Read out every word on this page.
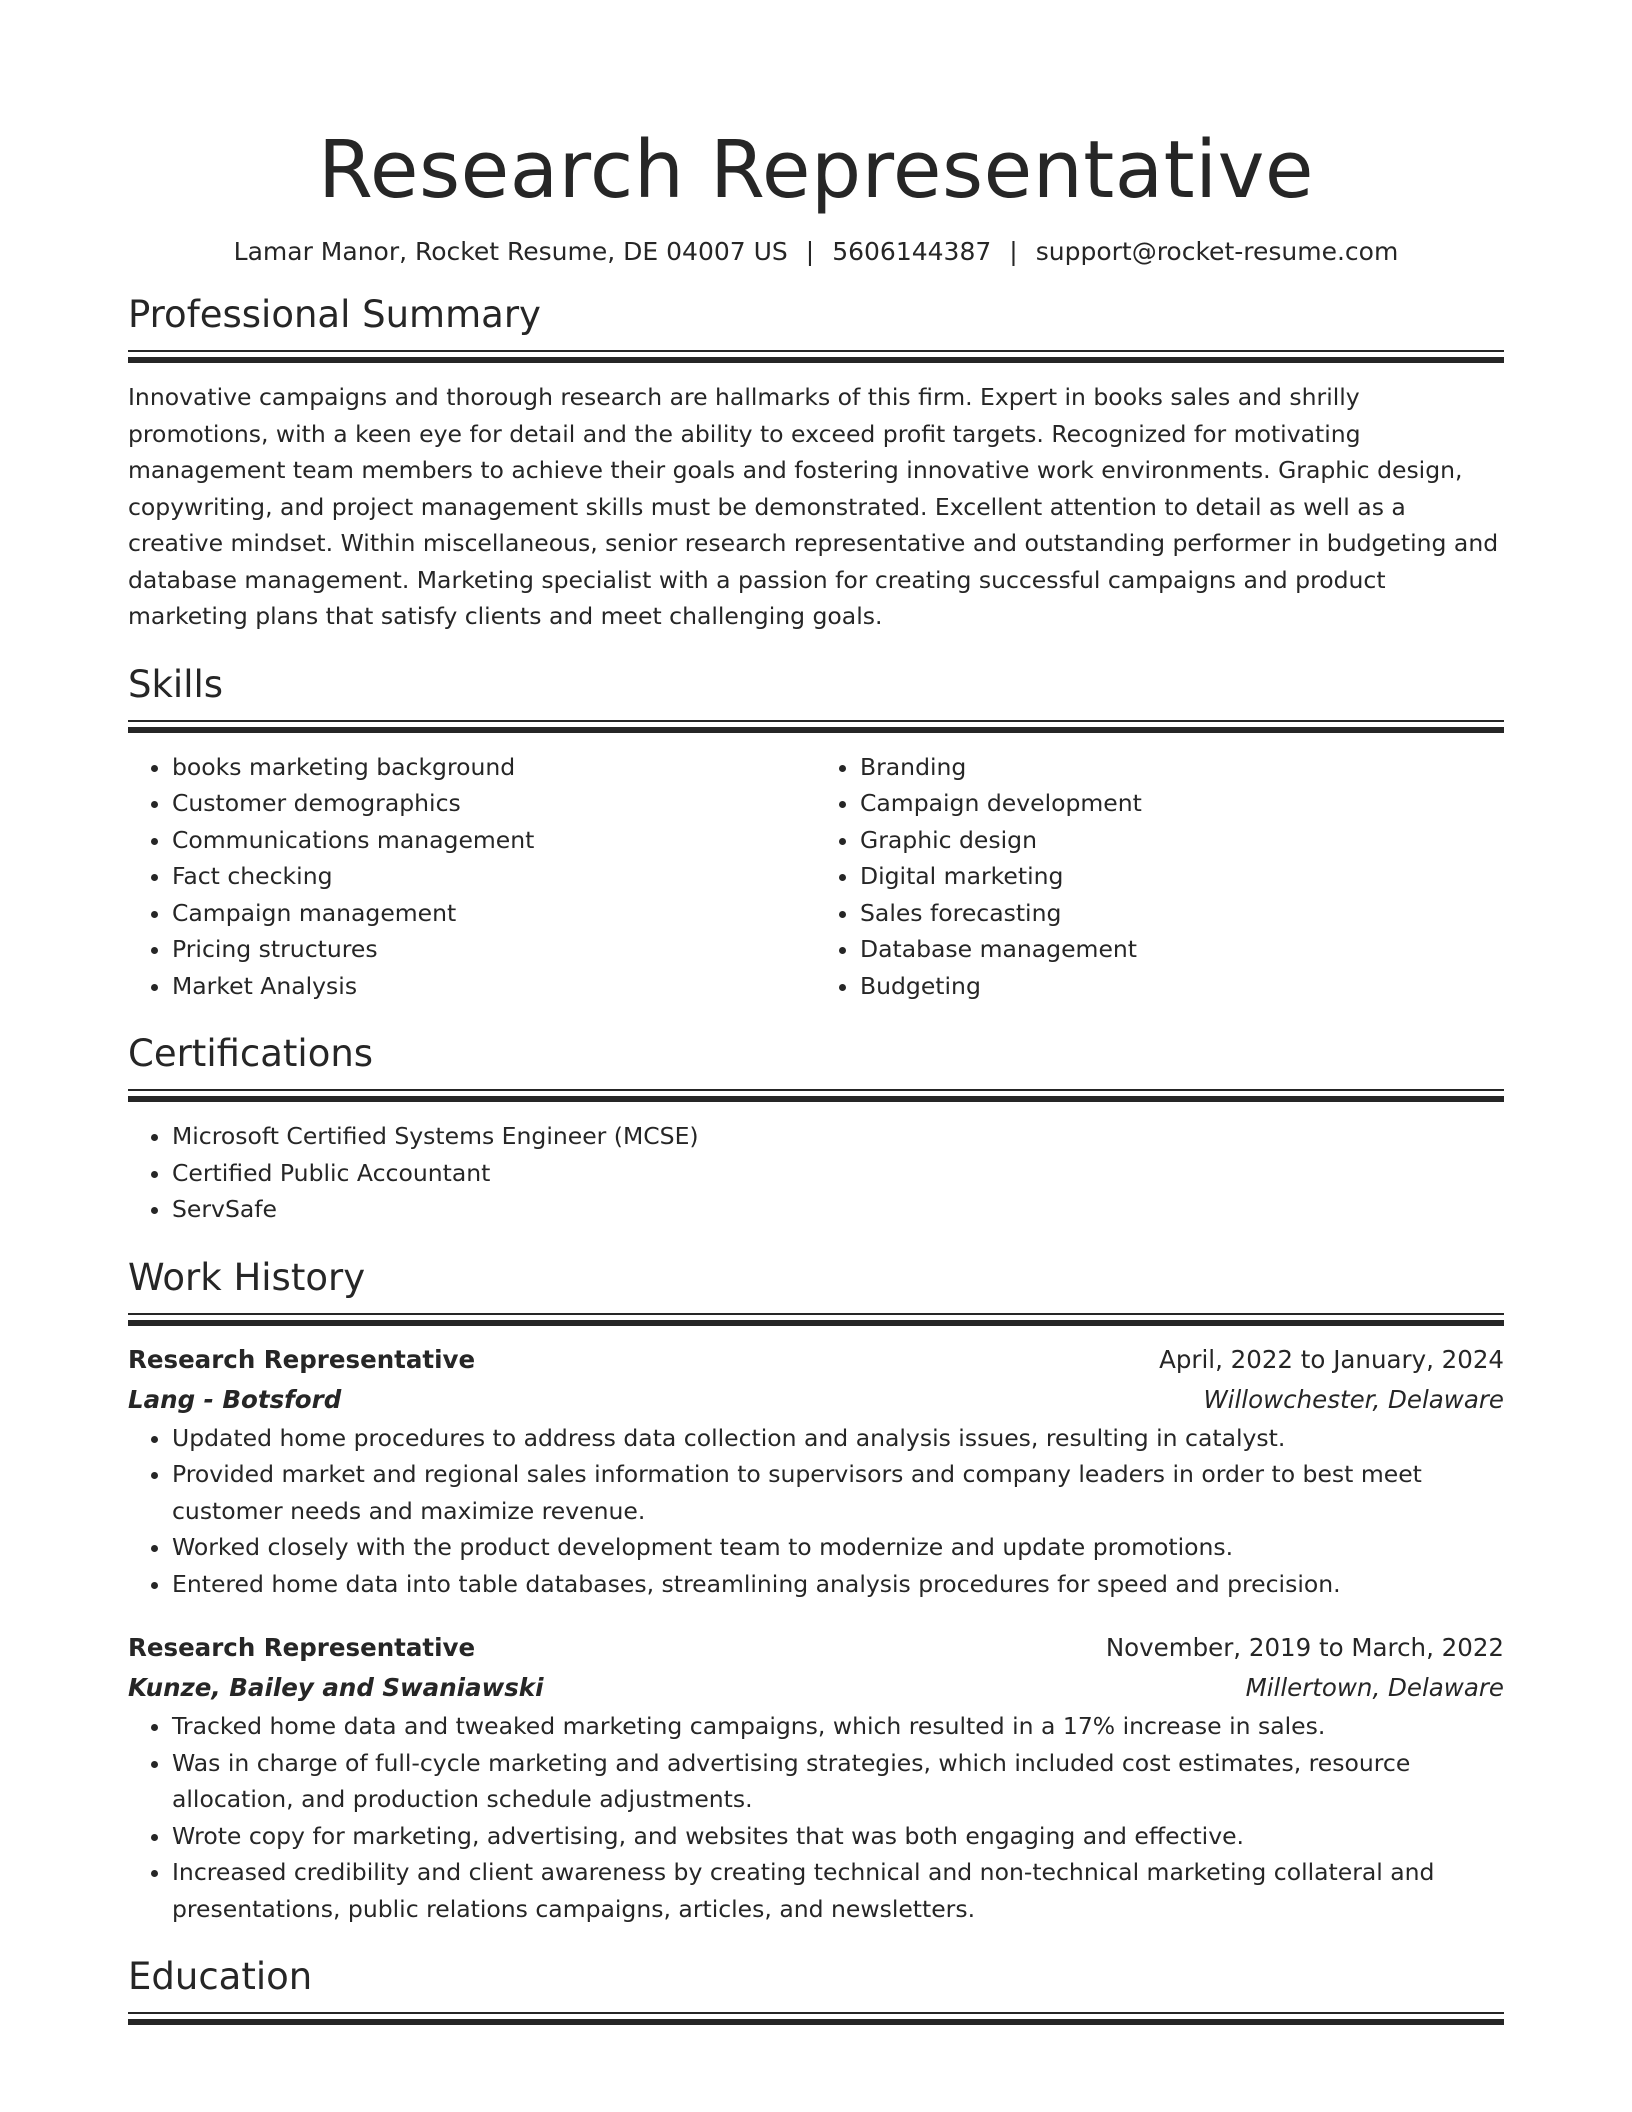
Research Representative
Lamar Manor, Rocket Resume, DE 04007 US | 5606144387 | support@rocket-resume.com
Professional Summary

Innovative campaigns and thorough research are hallmarks of this firm. Expert in books sales and shrilly promotions, with a keen eye for detail and the ability to exceed profit targets. Recognized for motivating management team members to achieve their goals and fostering innovative work environments. Graphic design, copywriting, and project management skills must be demonstrated. Excellent attention to detail as well as a creative mindset. Within miscellaneous, senior research representative and outstanding performer in budgeting and database management. Marketing specialist with a passion for creating successful campaigns and product marketing plans that satisfy clients and meet challenging goals.

Skills
• books marketing background
• Customer demographics
• Communications management
• Fact checking
• Campaign management
• Pricing structures
• Market Analysis
• Branding
• Campaign development
• Graphic design
• Digital marketing
• Sales forecasting
• Database management
• Budgeting
Certifications
• Microsoft Certified Systems Engineer (MCSE)
• Certified Public Accountant
• ServSafe
Work History
Research Representative	April, 2022 to January, 2024
Lang - Botsford	Willowchester, Delaware
• Updated home procedures to address data collection and analysis issues, resulting in catalyst.
• Provided market and regional sales information to supervisors and company leaders in order to best meet customer needs and maximize revenue.
• Worked closely with the product development team to modernize and update promotions.
• Entered home data into table databases, streamlining analysis procedures for speed and precision.
Research Representative	November, 2019 to March, 2022
Kunze, Bailey and Swaniawski	Millertown, Delaware
• Tracked home data and tweaked marketing campaigns, which resulted in a 17% increase in sales.
• Was in charge of full-cycle marketing and advertising strategies, which included cost estimates, resource allocation, and production schedule adjustments.
• Wrote copy for marketing, advertising, and websites that was both engaging and effective.
• Increased credibility and client awareness by creating technical and non-technical marketing collateral and presentations, public relations campaigns, articles, and newsletters.
Education
